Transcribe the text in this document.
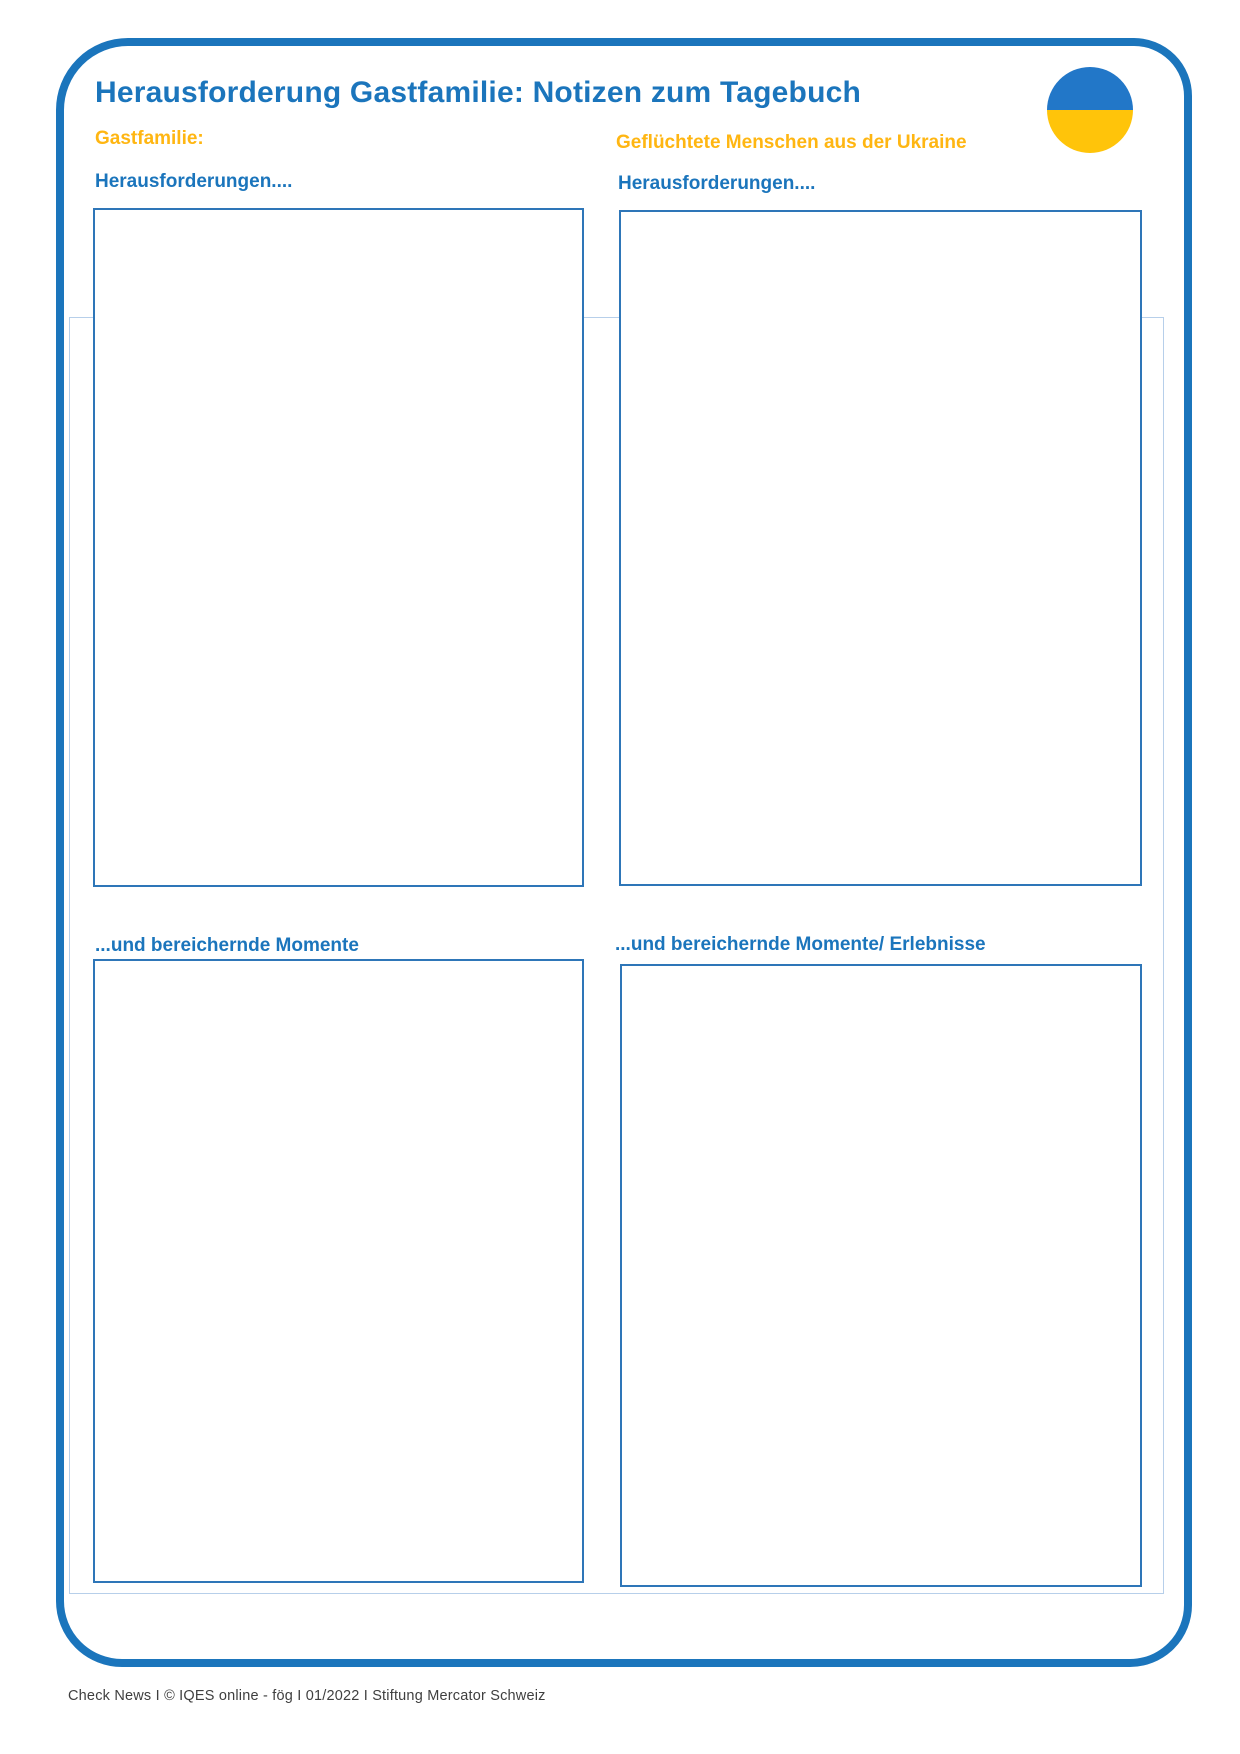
Herausforderung Gastfamilie: Notizen zum Tagebuch
Gastfamilie:
Herausforderungen....
...und bereichernde Momente
Geflüchtete Menschen aus der Ukraine
Herausforderungen....
...und bereichernde Momente/ Erlebnisse
Check News I © IQES online - fög I 01/2022 I Stiftung Mercator Schweiz
